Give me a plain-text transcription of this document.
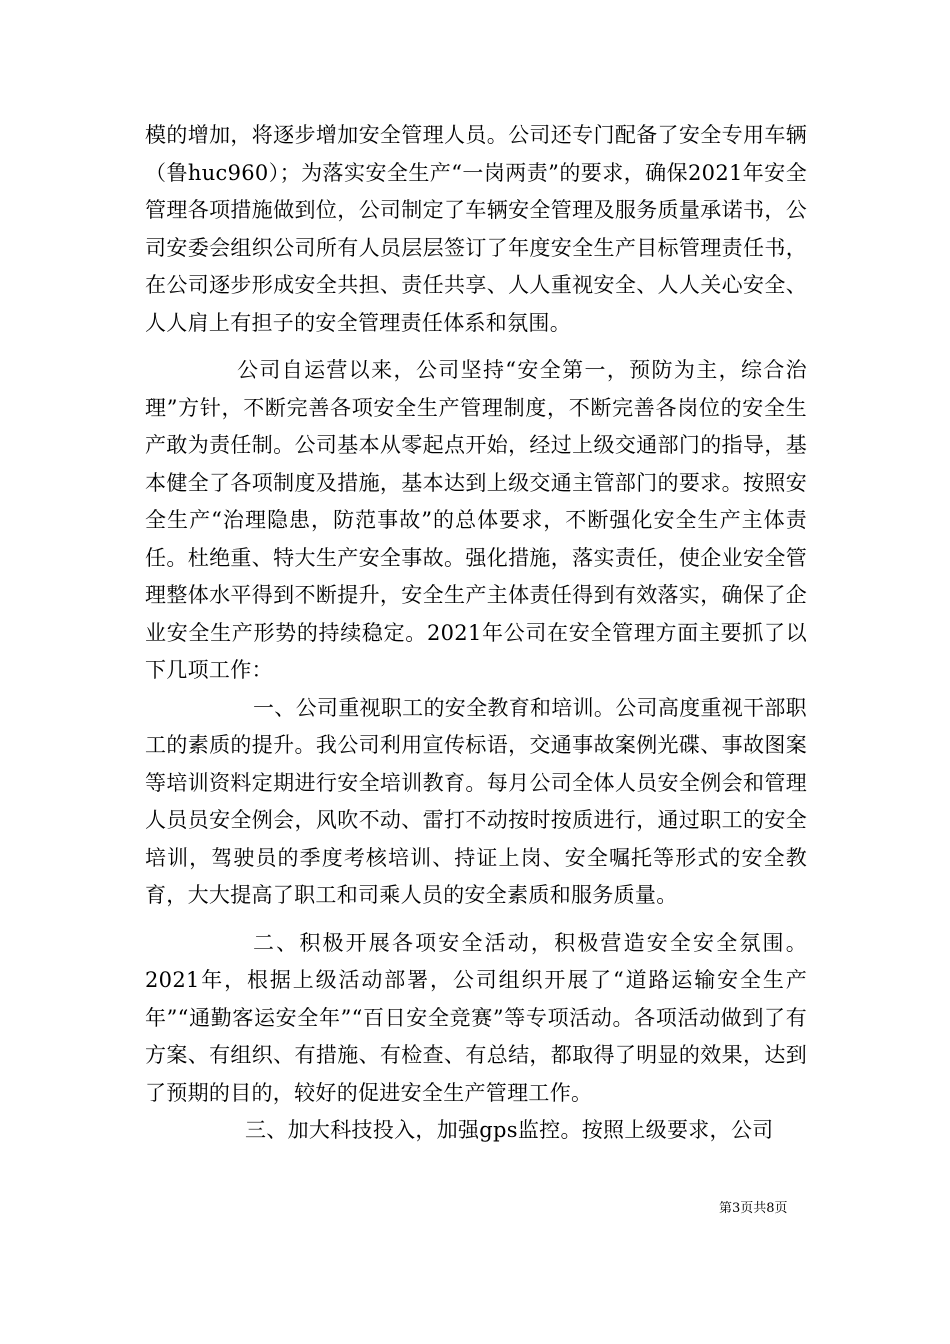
模的增加，将逐步增加安全管理人员。公司还专门配备了安全专用车辆（鲁huc960）；为落实安全生产“一岗两责”的要求，确保2021年安全管理各项措施做到位，公司制定了车辆安全管理及服务质量承诺书，公司安委会组织公司所有人员层层签订了年度安全生产目标管理责任书，在公司逐步形成安全共担、责任共享、人人重视安全、人人关心安全、人人肩上有担子的安全管理责任体系和氛围。

公司自运营以来，公司坚持“安全第一，预防为主，综合治理”方针，不断完善各项安全生产管理制度，不断完善各岗位的安全生产敢为责任制。公司基本从零起点开始，经过上级交通部门的指导，基本健全了各项制度及措施，基本达到上级交通主管部门的要求。按照安全生产“治理隐患，防范事故”的总体要求，不断强化安全生产主体责任。杜绝重、特大生产安全事故。强化措施，落实责任，使企业安全管理整体水平得到不断提升，安全生产主体责任得到有效落实，确保了企业安全生产形势的持续稳定。2021年公司在安全管理方面主要抓了以下几项工作：

一、公司重视职工的安全教育和培训。公司高度重视干部职工的素质的提升。我公司利用宣传标语，交通事故案例光碟、事故图案等培训资料定期进行安全培训教育。每月公司全体人员安全例会和管理人员员安全例会，风吹不动、雷打不动按时按质进行，通过职工的安全培训，驾驶员的季度考核培训、持证上岗、安全嘱托等形式的安全教育，大大提高了职工和司乘人员的安全素质和服务质量。

二、积极开展各项安全活动，积极营造安全安全氛围。2021年，根据上级活动部署，公司组织开展了“道路运输安全生产年”“通勤客运安全年”“百日安全竞赛”等专项活动。各项活动做到了有方案、有组织、有措施、有检查、有总结，都取得了明显的效果，达到了预期的目的，较好的促进安全生产管理工作。

三、加大科技投入，加强gps监控。按照上级要求，公司

第3页共8页
